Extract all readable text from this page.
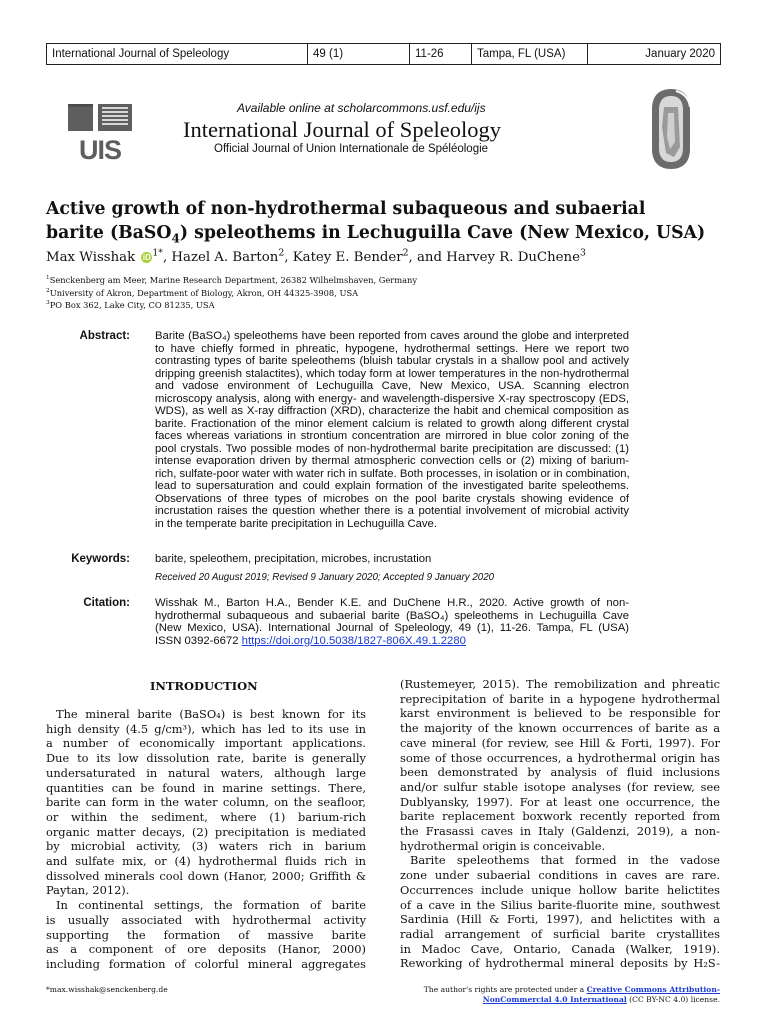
International Journal of Speleology	49 (1)	11-26	Tampa, FL (USA)	January 2020
UIS
Available online at scholarcommons.usf.edu/ijs
International Journal of Speleology
Official Journal of Union Internationale de Spéléologie
Active growth of non-hydrothermal subaqueous and subaerial
barite (BaSO$_4$) speleothems in Lechuguilla Cave (New Mexico, USA)
Max Wisshak iD $^{1*}$, Hazel A. Barton$^2$, Katey E. Bender$^2$, and Harvey R. DuChene$^3$
$^1$Senckenberg am Meer, Marine Research Department, 26382 Wilhelmshaven, Germany
$^2$University of Akron, Department of Biology, Akron, OH 44325-3908, USA
$^3$PO Box 362, Lake City, CO 81235, USA
Abstract: Barite (BaSO₄) speleothems have been reported from caves around the globe and interpreted
to have chiefly formed in phreatic, hypogene, hydrothermal settings. Here we report two
contrasting types of barite speleothems (bluish tabular crystals in a shallow pool and actively
dripping greenish stalactites), which today form at lower temperatures in the non-hydrothermal
and vadose environment of Lechuguilla Cave, New Mexico, USA. Scanning electron
microscopy analysis, along with energy- and wavelength-dispersive X-ray spectroscopy (EDS,
WDS), as well as X-ray diffraction (XRD), characterize the habit and chemical composition as
barite. Fractionation of the minor element calcium is related to growth along different crystal
faces whereas variations in strontium concentration are mirrored in blue color zoning of the
pool crystals. Two possible modes of non-hydrothermal barite precipitation are discussed: (1)
intense evaporation driven by thermal atmospheric convection cells or (2) mixing of barium-
rich, sulfate-poor water with water rich in sulfate. Both processes, in isolation or in combination,
lead to supersaturation and could explain formation of the investigated barite speleothems.
Observations of three types of microbes on the pool barite crystals showing evidence of
incrustation raises the question whether there is a potential involvement of microbial activity
in the temperate barite precipitation in Lechuguilla Cave.
Keywords: barite, speleothem, precipitation, microbes, incrustation
Received 20 August 2019; Revised 9 January 2020; Accepted 9 January 2020
Citation: Wisshak M., Barton H.A., Bender K.E. and DuChene H.R., 2020. Active growth of non-
hydrothermal subaqueous and subaerial barite (BaSO₄) speleothems in Lechuguilla Cave
(New Mexico, USA). International Journal of Speleology, 49 (1), 11-26. Tampa, FL (USA)
ISSN 0392-6672 https://doi.org/10.5038/1827-806X.49.1.2280
INTRODUCTION
The mineral barite (BaSO₄) is best known for its
high density (4.5 g/cm³), which has led to its use in
a number of economically important applications.
Due to its low dissolution rate, barite is generally
undersaturated in natural waters, although large
quantities can be found in marine settings. There,
barite can form in the water column, on the seafloor,
or within the sediment, where (1) barium-rich
organic matter decays, (2) precipitation is mediated
by microbial activity, (3) waters rich in barium
and sulfate mix, or (4) hydrothermal fluids rich in
dissolved minerals cool down (Hanor, 2000; Griffith &
Paytan, 2012).
In continental settings, the formation of barite
is usually associated with hydrothermal activity
supporting the formation of massive barite
as a component of ore deposits (Hanor, 2000)
including formation of colorful mineral aggregates
(Rustemeyer, 2015). The remobilization and phreatic
reprecipitation of barite in a hypogene hydrothermal
karst environment is believed to be responsible for
the majority of the known occurrences of barite as a
cave mineral (for review, see Hill & Forti, 1997). For
some of those occurrences, a hydrothermal origin has
been demonstrated by analysis of fluid inclusions
and/or sulfur stable isotope analyses (for review, see
Dublyansky, 1997). For at least one occurrence, the
barite replacement boxwork recently reported from
the Frasassi caves in Italy (Galdenzi, 2019), a non-
hydrothermal origin is conceivable.
Barite speleothems that formed in the vadose
zone under subaerial conditions in caves are rare.
Occurrences include unique hollow barite helictites
of a cave in the Silius barite-fluorite mine, southwest
Sardinia (Hill & Forti, 1997), and helictites with a
radial arrangement of surficial barite crystallites
in Madoc Cave, Ontario, Canada (Walker, 1919).
Reworking of hydrothermal mineral deposits by H₂S-
*max.wisshak@senckenberg.de	The author's rights are protected under a Creative Commons Attribution-
NonCommercial 4.0 International (CC BY-NC 4.0) license.
